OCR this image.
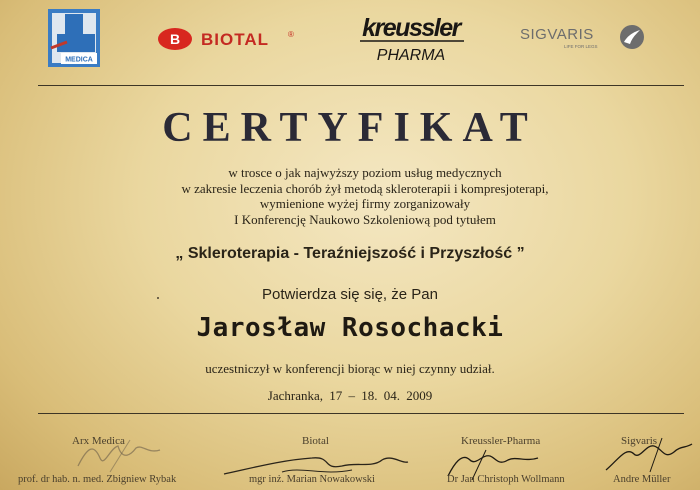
MEDICA
B BIOTAL ®	kreussler
PHARMA
SIGVARIS
LIFE FOR LEGS
CERTYFIKAT

w trosce o jak najwyższy poziom usług medycznych
w zakresie leczenia chorób żył metodą skleroterapii i kompresjoterapi,
wymienione wyżej firmy zorganizowały
I Konferencję Naukowo Szkoleniową pod tytułem

„ Skleroterapia - Teraźniejszość i Przyszłość ”

Potwierdza się się, że Pan

Jarosław Rosochacki

uczestniczył w konferencji biorąc w niej czynny udział.

Jachranka, 17 – 18. 04. 2009

Arx Medica	Biotal	Kreussler-Pharma	Sigvaris

prof. dr hab. n. med. Zbigniew Rybak	mgr inż. Marian Nowakowski	Dr Jan Christoph Wollmann	Andre Müller
